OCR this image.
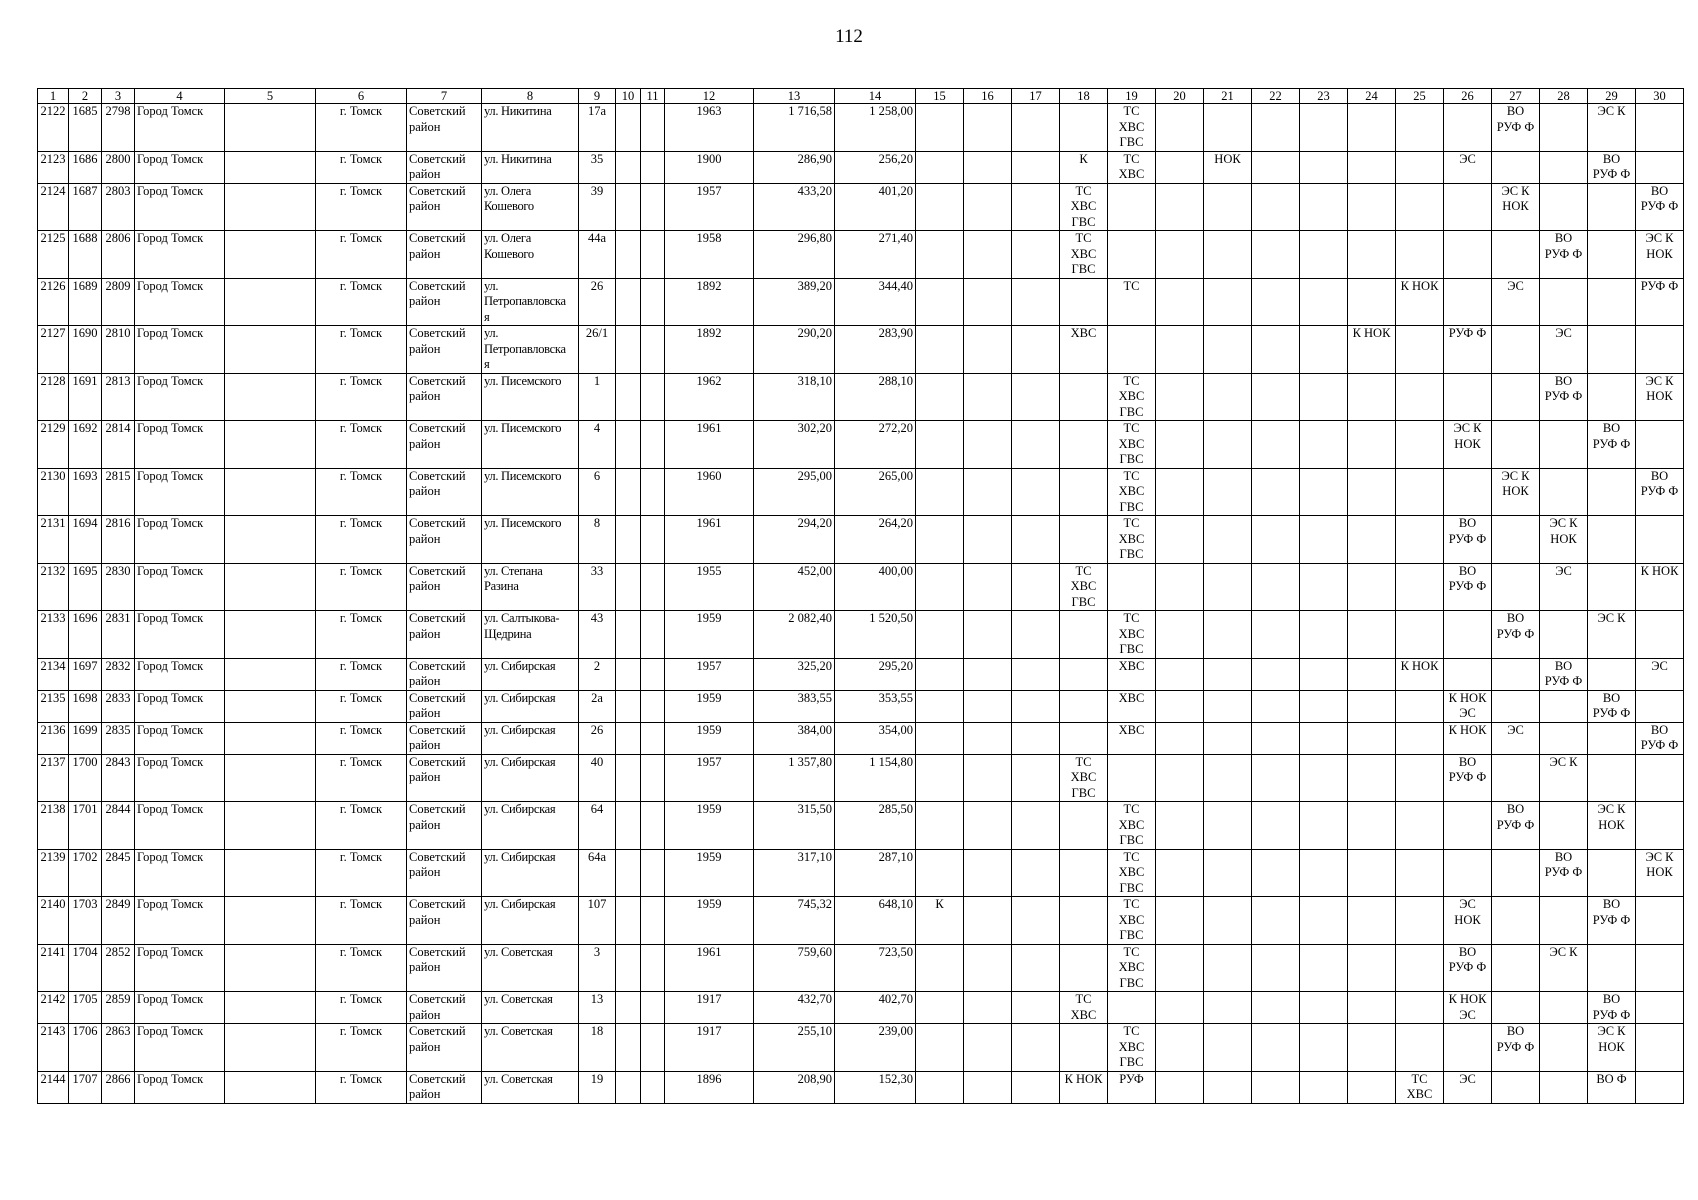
112
1	2	3	4	5	6	7	8	9	10	11	12	13	14	15	16	17	18	19	20	21	22	23	24	25	26	27	28	29	30
2122	1685	2798	Город Томск		г. Томск	Советский
район	ул. Никитина	17а			1963	1 716,58	1 258,00					ТС
ХВС
ГВС								ВО
РУФ Ф		ЭС К	
2123	1686	2800	Город Томск		г. Томск	Советский
район	ул. Никитина	35			1900	286,90	256,20				К	ТС
ХВС		НОК					ЭС			ВО
РУФ Ф	
2124	1687	2803	Город Томск		г. Томск	Советский
район	ул. Олега
Кошевого	39			1957	433,20	401,20				ТС
ХВС
ГВС									ЭС К
НОК			ВО
РУФ Ф
2125	1688	2806	Город Томск		г. Томск	Советский
район	ул. Олега
Кошевого	44а			1958	296,80	271,40				ТС
ХВС
ГВС										ВО
РУФ Ф		ЭС К
НОК
2126	1689	2809	Город Томск		г. Томск	Советский
район	ул.
Петропавловска
я	26			1892	389,20	344,40					ТС						К НОК		ЭС			РУФ Ф
2127	1690	2810	Город Томск		г. Томск	Советский
район	ул.
Петропавловска
я	26/1			1892	290,20	283,90				ХВС						К НОК		РУФ Ф		ЭС		
2128	1691	2813	Город Томск		г. Томск	Советский
район	ул. Писемского	1			1962	318,10	288,10					ТС
ХВС
ГВС									ВО
РУФ Ф		ЭС К
НОК
2129	1692	2814	Город Томск		г. Томск	Советский
район	ул. Писемского	4			1961	302,20	272,20					ТС
ХВС
ГВС							ЭС К
НОК			ВО
РУФ Ф	
2130	1693	2815	Город Томск		г. Томск	Советский
район	ул. Писемского	6			1960	295,00	265,00					ТС
ХВС
ГВС								ЭС К
НОК			ВО
РУФ Ф
2131	1694	2816	Город Томск		г. Томск	Советский
район	ул. Писемского	8			1961	294,20	264,20					ТС
ХВС
ГВС							ВО
РУФ Ф		ЭС К
НОК		
2132	1695	2830	Город Томск		г. Томск	Советский
район	ул. Степана
Разина	33			1955	452,00	400,00				ТС
ХВС
ГВС								ВО
РУФ Ф		ЭС		К НОК
2133	1696	2831	Город Томск		г. Томск	Советский
район	ул. Салтыкова-
Щедрина	43			1959	2 082,40	1 520,50					ТС
ХВС
ГВС								ВО
РУФ Ф		ЭС К	
2134	1697	2832	Город Томск		г. Томск	Советский
район	ул. Сибирская	2			1957	325,20	295,20					ХВС						К НОК			ВО
РУФ Ф		ЭС
2135	1698	2833	Город Томск		г. Томск	Советский
район	ул. Сибирская	2а			1959	383,55	353,55					ХВС							К НОК
ЭС			ВО
РУФ Ф	
2136	1699	2835	Город Томск		г. Томск	Советский
район	ул. Сибирская	26			1959	384,00	354,00					ХВС							К НОК	ЭС			ВО
РУФ Ф
2137	1700	2843	Город Томск		г. Томск	Советский
район	ул. Сибирская	40			1957	1 357,80	1 154,80				ТС
ХВС
ГВС								ВО
РУФ Ф		ЭС К		
2138	1701	2844	Город Томск		г. Томск	Советский
район	ул. Сибирская	64			1959	315,50	285,50					ТС
ХВС
ГВС								ВО
РУФ Ф		ЭС К
НОК	
2139	1702	2845	Город Томск		г. Томск	Советский
район	ул. Сибирская	64а			1959	317,10	287,10					ТС
ХВС
ГВС									ВО
РУФ Ф		ЭС К
НОК
2140	1703	2849	Город Томск		г. Томск	Советский
район	ул. Сибирская	107			1959	745,32	648,10	К				ТС
ХВС
ГВС							ЭС
НОК			ВО
РУФ Ф	
2141	1704	2852	Город Томск		г. Томск	Советский
район	ул. Советская	3			1961	759,60	723,50					ТС
ХВС
ГВС							ВО
РУФ Ф		ЭС К		
2142	1705	2859	Город Томск		г. Томск	Советский
район	ул. Советская	13			1917	432,70	402,70				ТС
ХВС								К НОК
ЭС			ВО
РУФ Ф	
2143	1706	2863	Город Томск		г. Томск	Советский
район	ул. Советская	18			1917	255,10	239,00					ТС
ХВС
ГВС								ВО
РУФ Ф		ЭС К
НОК	
2144	1707	2866	Город Томск		г. Томск	Советский
район	ул. Советская	19			1896	208,90	152,30				К НОК	РУФ						ТС
ХВС	ЭС			ВО Ф	
